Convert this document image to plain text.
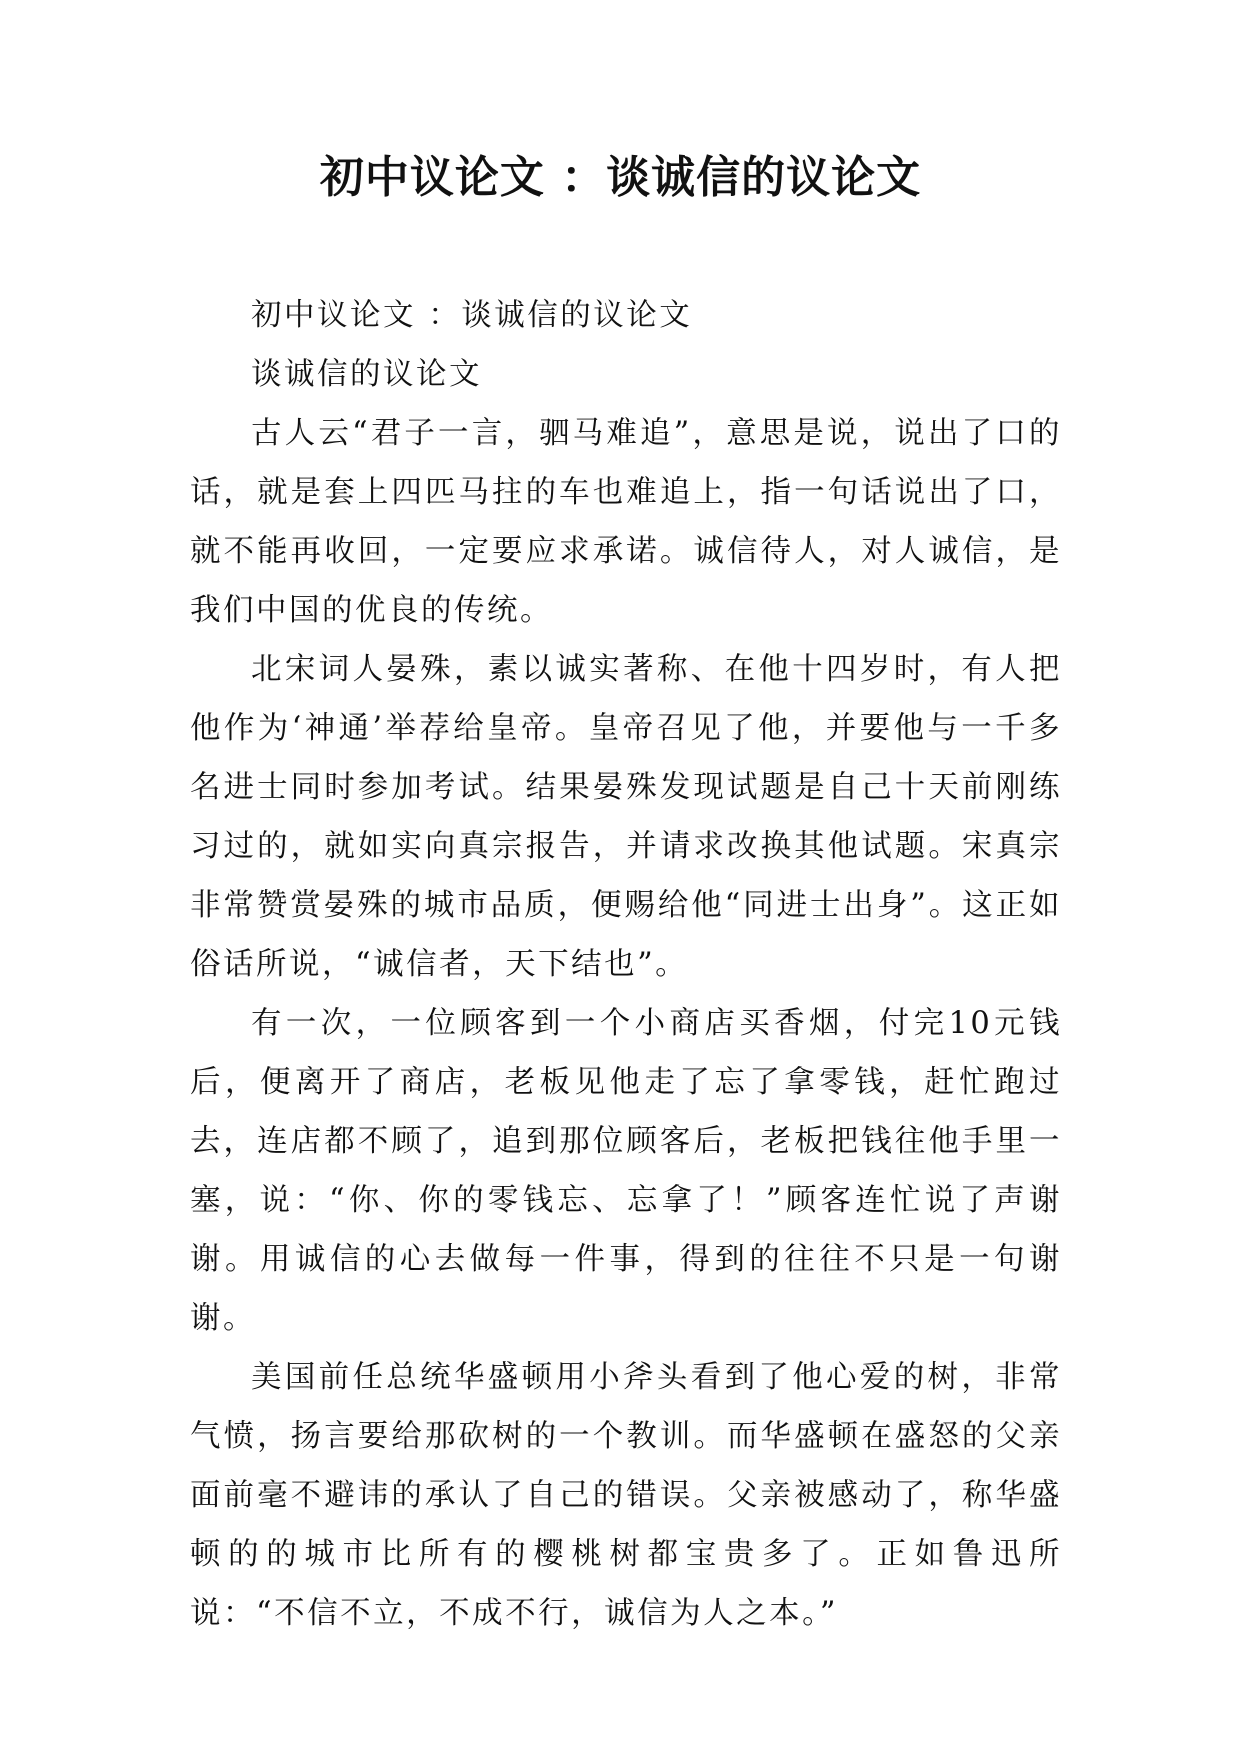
初中议论文 ：谈诚信的议论文

初中议论文 ：谈诚信的议论文

谈诚信的议论文

古人云“君子一言，驷马难追”，意思是说，说出了口的话，就是套上四匹马拄的车也难追上，指一句话说出了口，就不能再收回，一定要应求承诺。诚信待人，对人诚信，是我们中国的优良的传统。

北宋词人晏殊，素以诚实著称、在他十四岁时，有人把他作为‘神通’举荐给皇帝。皇帝召见了他，并要他与一千多名进士同时参加考试。结果晏殊发现试题是自己十天前刚练习过的，就如实向真宗报告，并请求改换其他试题。宋真宗非常赞赏晏殊的城市品质，便赐给他“同进士出身”。这正如俗话所说，“诚信者，天下结也”。

有一次，一位顾客到一个小商店买香烟，付完10元钱后，便离开了商店，老板见他走了忘了拿零钱，赶忙跑过去，连店都不顾了，追到那位顾客后，老板把钱往他手里一塞，说：“你、你的零钱忘、忘拿了！”顾客连忙说了声谢谢。用诚信的心去做每一件事，得到的往往不只是一句谢谢。

美国前任总统华盛顿用小斧头看到了他心爱的树，非常气愤，扬言要给那砍树的一个教训。而华盛顿在盛怒的父亲面前毫不避讳的承认了自己的错误。父亲被感动了，称华盛顿的的城市比所有的樱桃树都宝贵多了。正如鲁迅所说：“不信不立，不成不行，诚信为人之本。”
